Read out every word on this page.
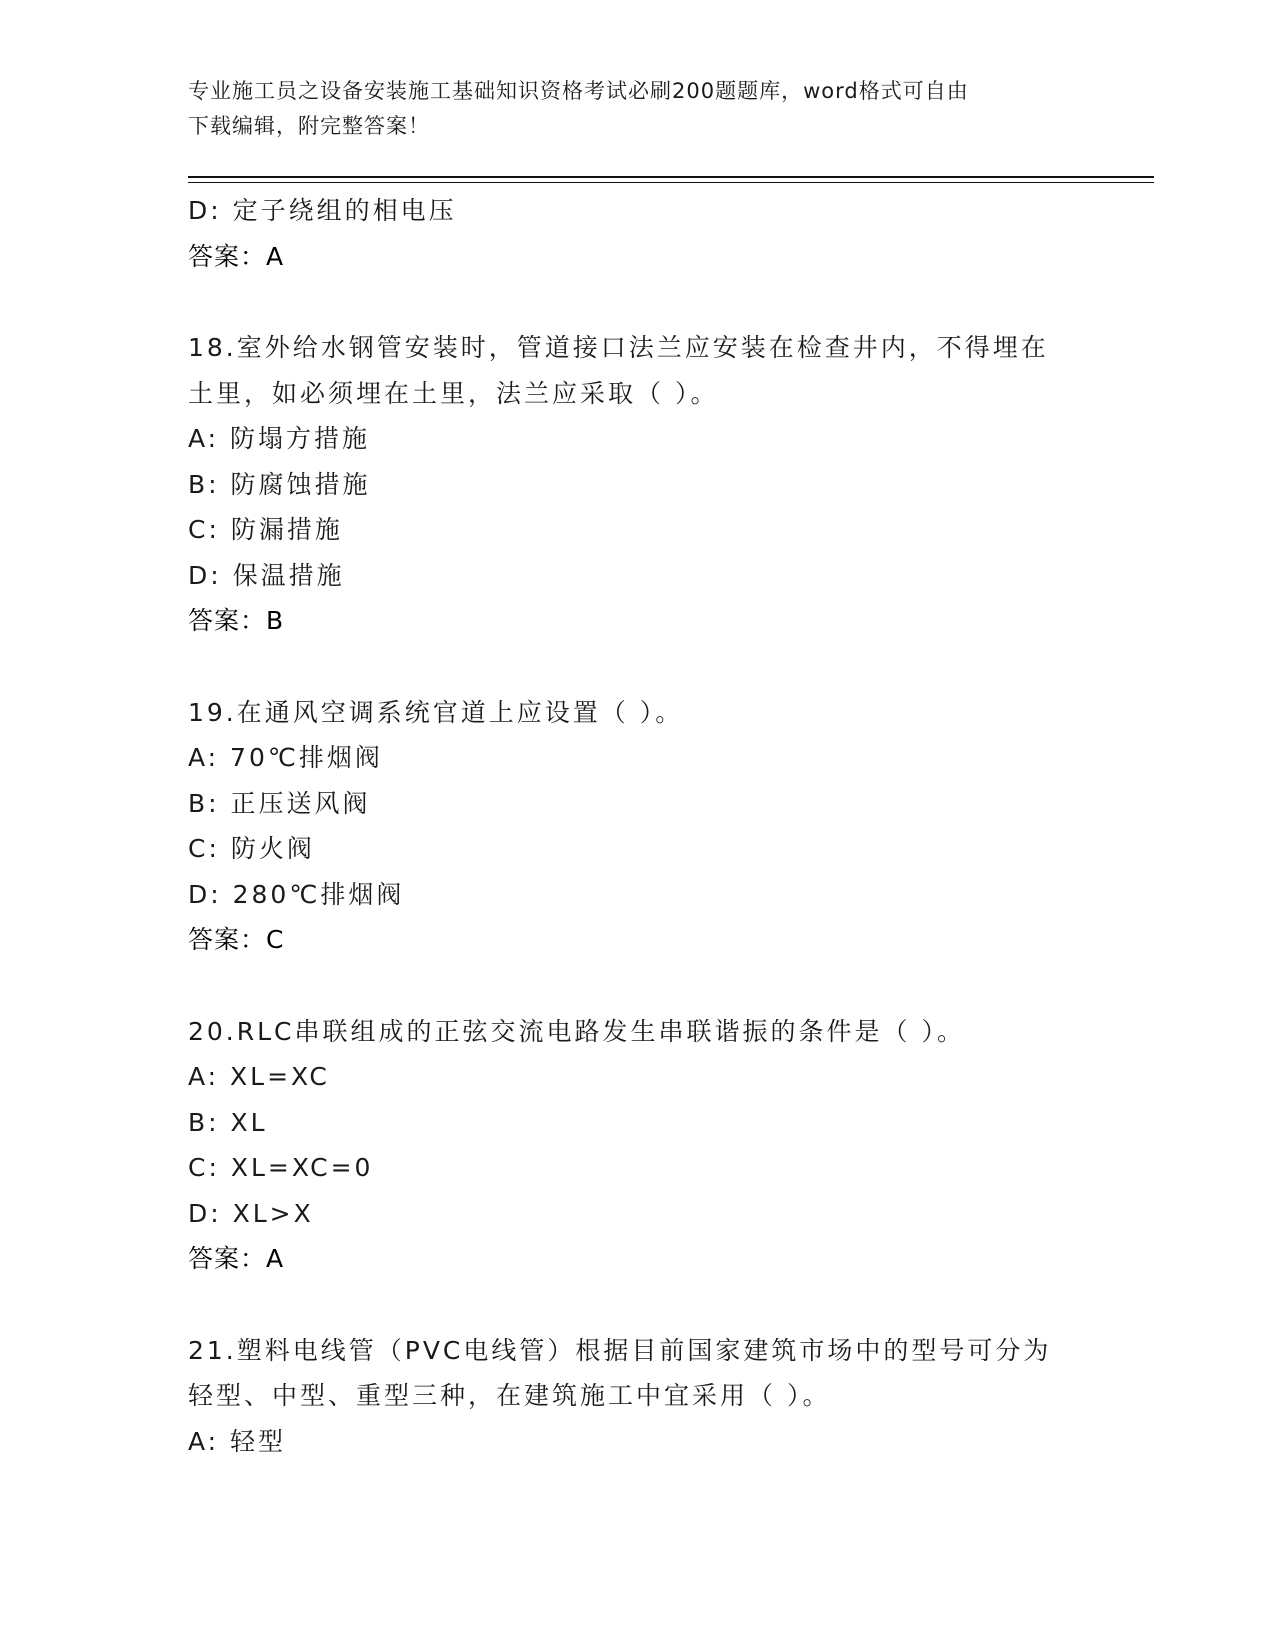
专业施工员之设备安装施工基础知识资格考试必刷200题题库，word格式可自由
下载编辑，附完整答案！
D: 定子绕组的相电压
答案：A
18.室外给水钢管安装时，管道接口法兰应安装在检查井内，不得埋在
土里，如必须埋在土里，法兰应采取（ ）。
A: 防塌方措施
B: 防腐蚀措施
C: 防漏措施
D: 保温措施
答案：B
19.在通风空调系统官道上应设置（ ）。
A: 70℃排烟阀
B: 正压送风阀
C: 防火阀
D: 280℃排烟阀
答案：C
20.RLC串联组成的正弦交流电路发生串联谐振的条件是（ ）。
A: XL=XC
B: XL
C: XL=XC=0
D: XL>X
答案：A
21.塑料电线管（PVC电线管）根据目前国家建筑市场中的型号可分为
轻型、中型、重型三种，在建筑施工中宜采用（ ）。
A: 轻型
